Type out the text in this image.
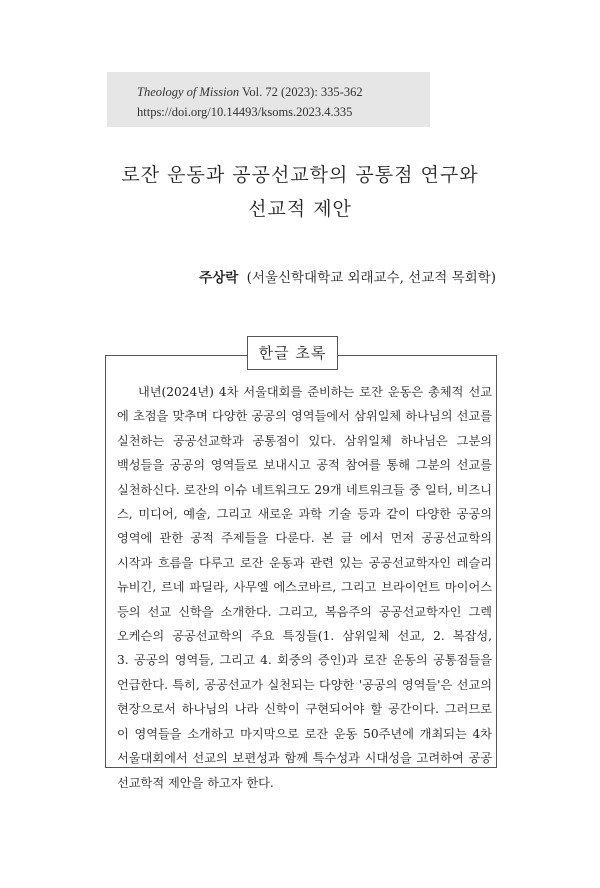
Theology of Mission Vol. 72 (2023): 335-362
https://doi.org/10.14493/ksoms.2023.4.335
로잔 운동과 공공선교학의 공통점 연구와
선교적 제안
주상락 (서울신학대학교 외래교수, 선교적 목회학)
한글 초록
내년(2024년) 4차 서울대회를 준비하는 로잔 운동은 총체적 선교
에 초점을 맞추며 다양한 공공의 영역들에서 삼위일체 하나님의 선교를
실천하는 공공선교학과 공통점이 있다. 삼위일체 하나님은 그분의
백성들을 공공의 영역들로 보내시고 공적 참여를 통해 그분의 선교를
실천하신다. 로잔의 이슈 네트워크도 29개 네트워크들 중 일터, 비즈니
스, 미디어, 예술, 그리고 새로운 과학 기술 등과 같이 다양한 공공의
영역에 관한 공적 주제들을 다룬다. 본 글 에서 먼저 공공선교학의
시작과 흐름을 다루고 로잔 운동과 관련 있는 공공선교학자인 레슬리
뉴비긴, 르네 파딜라, 사무엘 에스코바르, 그리고 브라이언트 마이어스
등의 선교 신학을 소개한다. 그리고, 복음주의 공공선교학자인 그렉
오케슨의 공공선교학의 주요 특징들(1. 삼위일체 선교, 2. 복잡성,
3. 공공의 영역들, 그리고 4. 회중의 증인)과 로잔 운동의 공통점들을
언급한다. 특히, 공공선교가 실천되는 다양한 '공공의 영역들'은 선교의
현장으로서 하나님의 나라 신학이 구현되어야 할 공간이다. 그러므로
이 영역들을 소개하고 마지막으로 로잔 운동 50주년에 개최되는 4차
서울대회에서 선교의 보편성과 함께 특수성과 시대성을 고려하여 공공
선교학적 제안을 하고자 한다.
